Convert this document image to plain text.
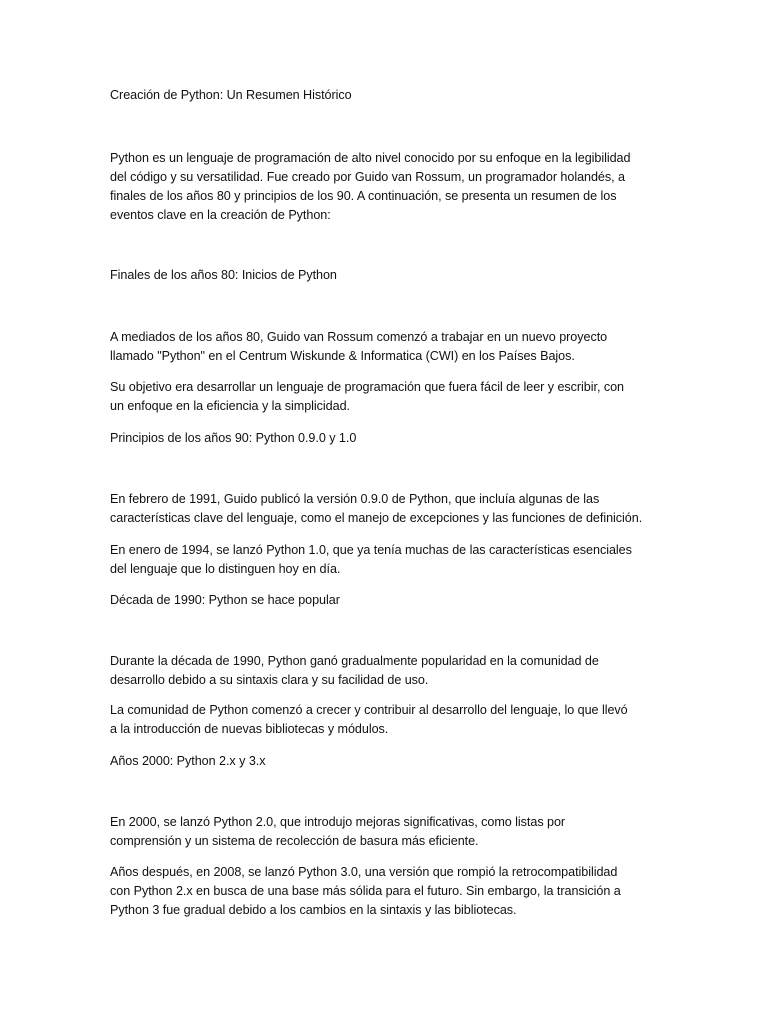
Creación de Python: Un Resumen Histórico
Python es un lenguaje de programación de alto nivel conocido por su enfoque en la legibilidad
del código y su versatilidad. Fue creado por Guido van Rossum, un programador holandés, a
finales de los años 80 y principios de los 90. A continuación, se presenta un resumen de los
eventos clave en la creación de Python:
Finales de los años 80: Inicios de Python
A mediados de los años 80, Guido van Rossum comenzó a trabajar en un nuevo proyecto
llamado "Python" en el Centrum Wiskunde & Informatica (CWI) en los Países Bajos.
Su objetivo era desarrollar un lenguaje de programación que fuera fácil de leer y escribir, con
un enfoque en la eficiencia y la simplicidad.
Principios de los años 90: Python 0.9.0 y 1.0
En febrero de 1991, Guido publicó la versión 0.9.0 de Python, que incluía algunas de las
características clave del lenguaje, como el manejo de excepciones y las funciones de definición.
En enero de 1994, se lanzó Python 1.0, que ya tenía muchas de las características esenciales
del lenguaje que lo distinguen hoy en día.
Década de 1990: Python se hace popular
Durante la década de 1990, Python ganó gradualmente popularidad en la comunidad de
desarrollo debido a su sintaxis clara y su facilidad de uso.
La comunidad de Python comenzó a crecer y contribuir al desarrollo del lenguaje, lo que llevó
a la introducción de nuevas bibliotecas y módulos.
Años 2000: Python 2.x y 3.x
En 2000, se lanzó Python 2.0, que introdujo mejoras significativas, como listas por
comprensión y un sistema de recolección de basura más eficiente.
Años después, en 2008, se lanzó Python 3.0, una versión que rompió la retrocompatibilidad
con Python 2.x en busca de una base más sólida para el futuro. Sin embargo, la transición a
Python 3 fue gradual debido a los cambios en la sintaxis y las bibliotecas.
